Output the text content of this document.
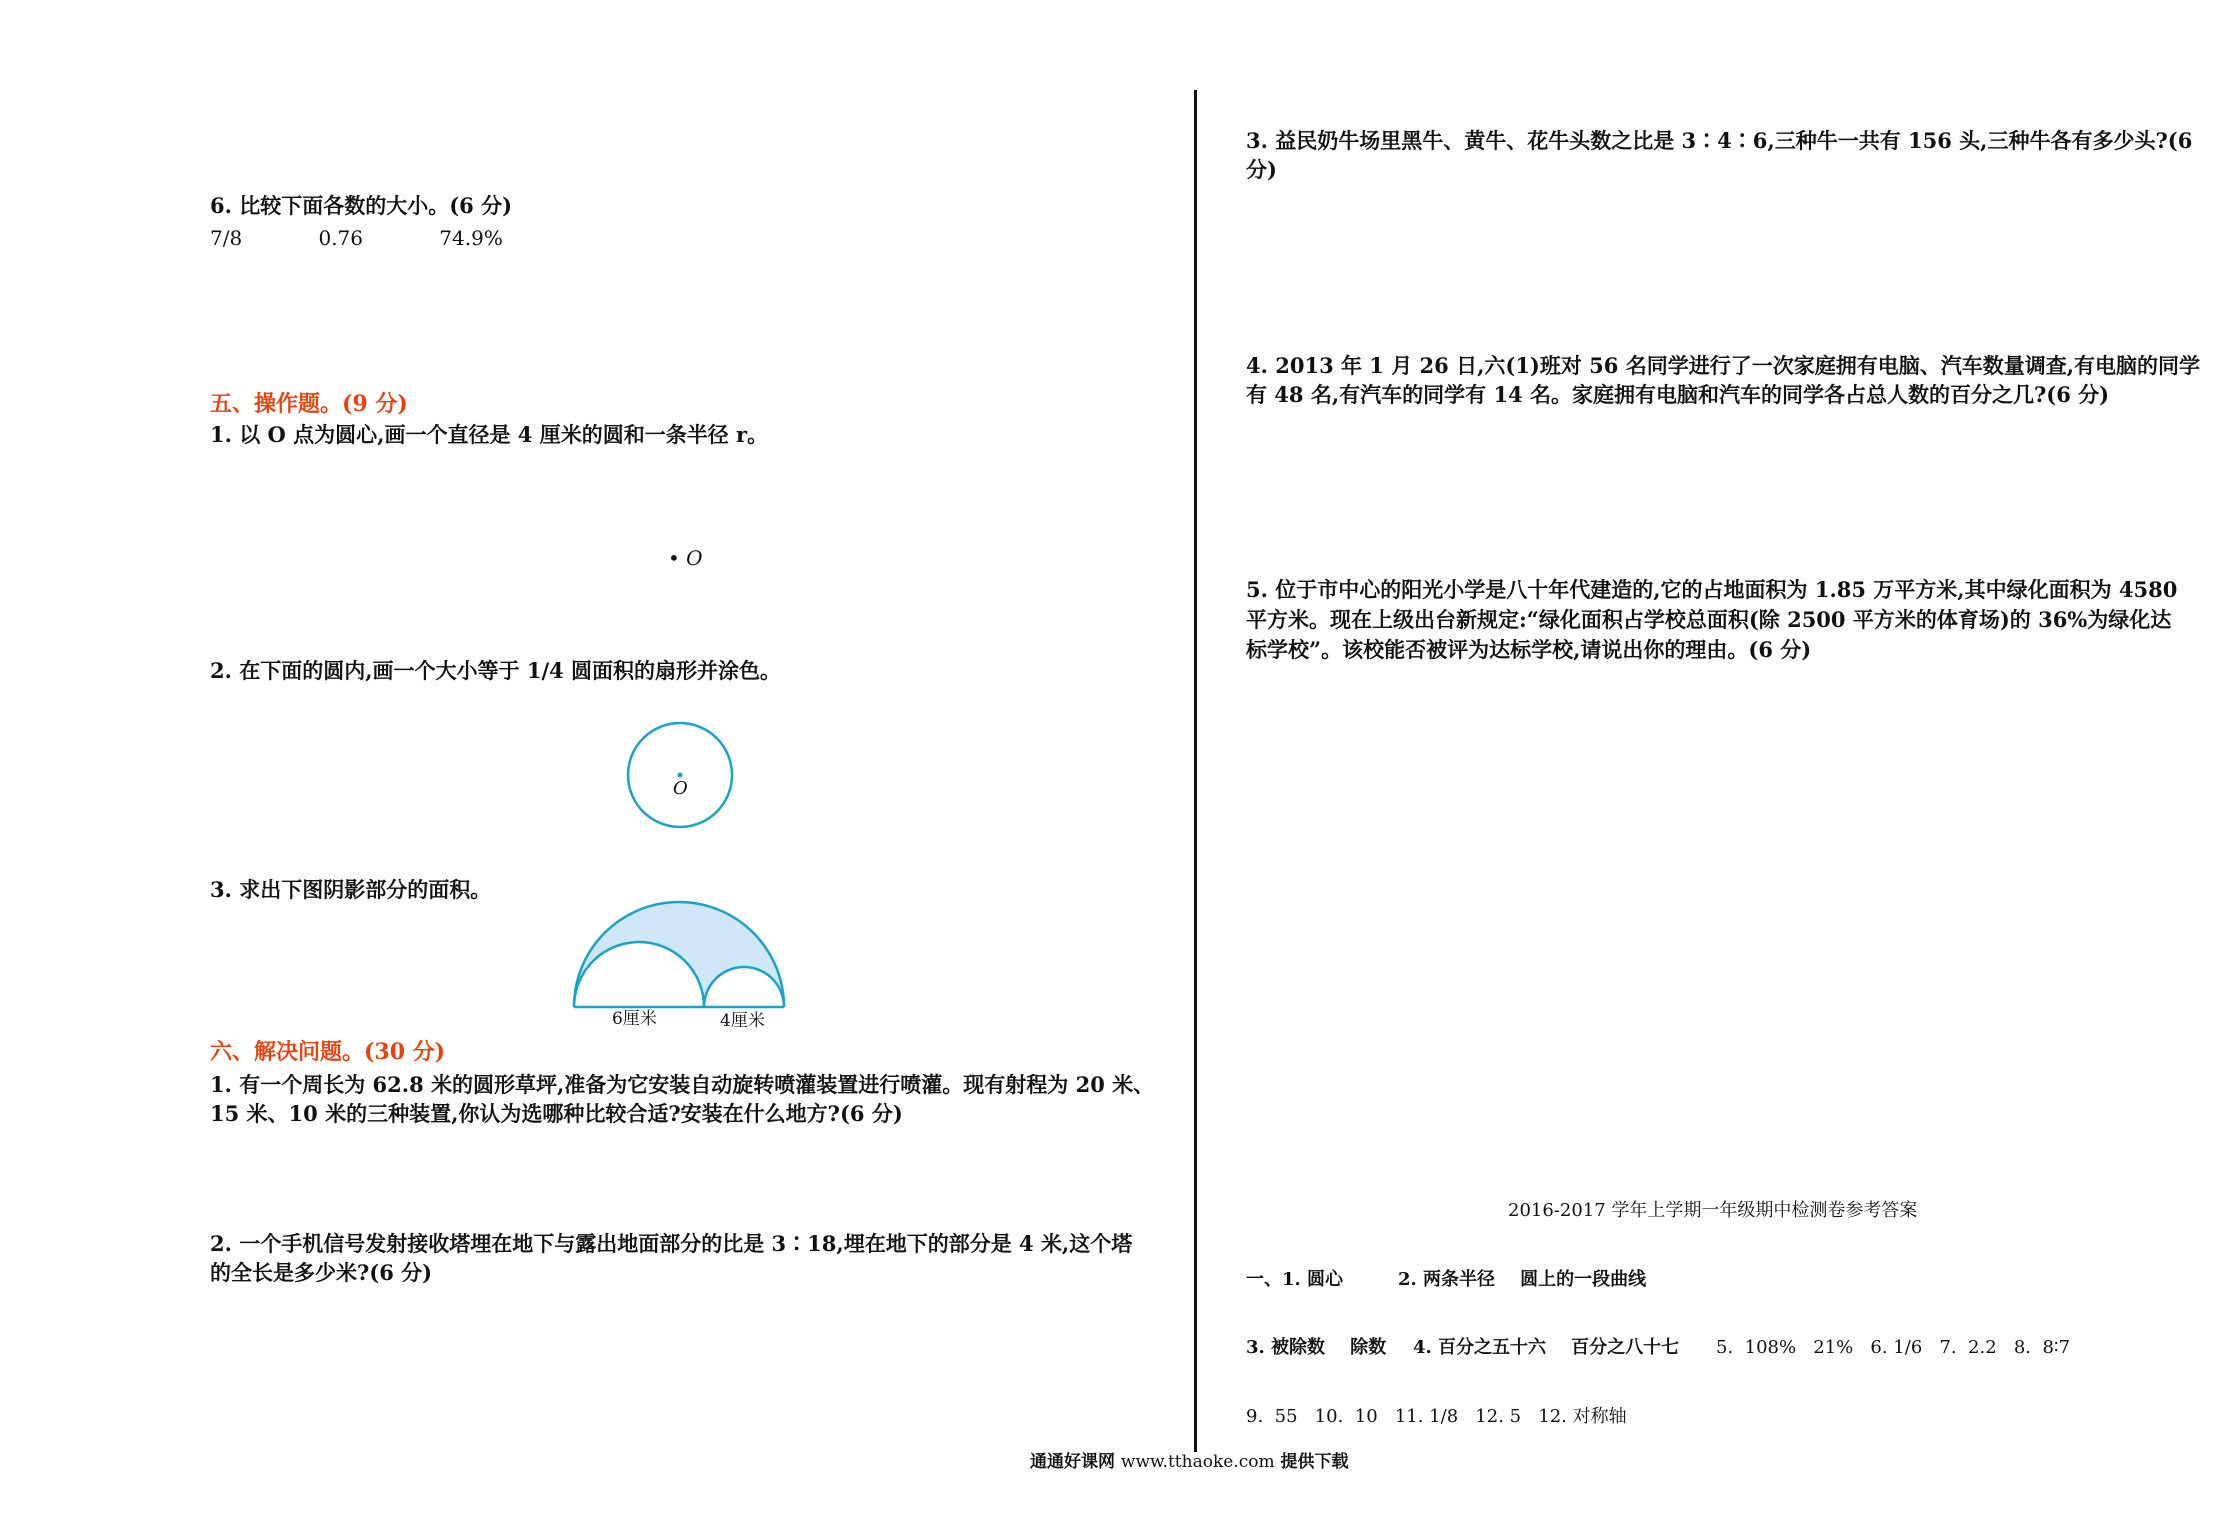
6. 比较下面各数的大小。(6 分)
7/8            0.76            74.9%
五、操作题。(9 分)
1. 以 O 点为圆心,画一个直径是 4 厘米的圆和一条半径 r。
• O
2. 在下面的圆内,画一个大小等于 1/4 圆面积的扇形并涂色。
O
3. 求出下图阴影部分的面积。
6厘米	4厘米
六、解决问题。(30 分)
1. 有一个周长为 62.8 米的圆形草坪,准备为它安装自动旋转喷灌装置进行喷灌。现有射程为 20 米、
15 米、10 米的三种装置,你认为选哪种比较合适?安装在什么地方?(6 分)
2. 一个手机信号发射接收塔埋在地下与露出地面部分的比是 3∶18,埋在地下的部分是 4 米,这个塔
的全长是多少米?(6 分)
3. 益民奶牛场里黑牛、黄牛、花牛头数之比是 3∶4∶6,三种牛一共有 156 头,三种牛各有多少头?(6
分)
4. 2013 年 1 月 26 日,六(1)班对 56 名同学进行了一次家庭拥有电脑、汽车数量调查,有电脑的同学
有 48 名,有汽车的同学有 14 名。家庭拥有电脑和汽车的同学各占总人数的百分之几?(6 分)
5. 位于市中心的阳光小学是八十年代建造的,它的占地面积为 1.85 万平方米,其中绿化面积为 4580
平方米。现在上级出台新规定:“绿化面积占学校总面积(除 2500 平方米的体育场)的 36%为绿化达
标学校”。该校能否被评为达标学校,请说出你的理由。(6 分)
2016-2017 学年上学期一年级期中检测卷参考答案
一、1. 圆心	2. 两条半径    圆上的一段曲线
3. 被除数    除数 4. 百分之五十六    百分之八十七 5.  108%   21%   6. 1/6   7.  2.2   8.  8∶7
9.  55   10.  10   11. 1/8   12. 5   12. 对称轴
通通好课网 www.tthaoke.com 提供下载
